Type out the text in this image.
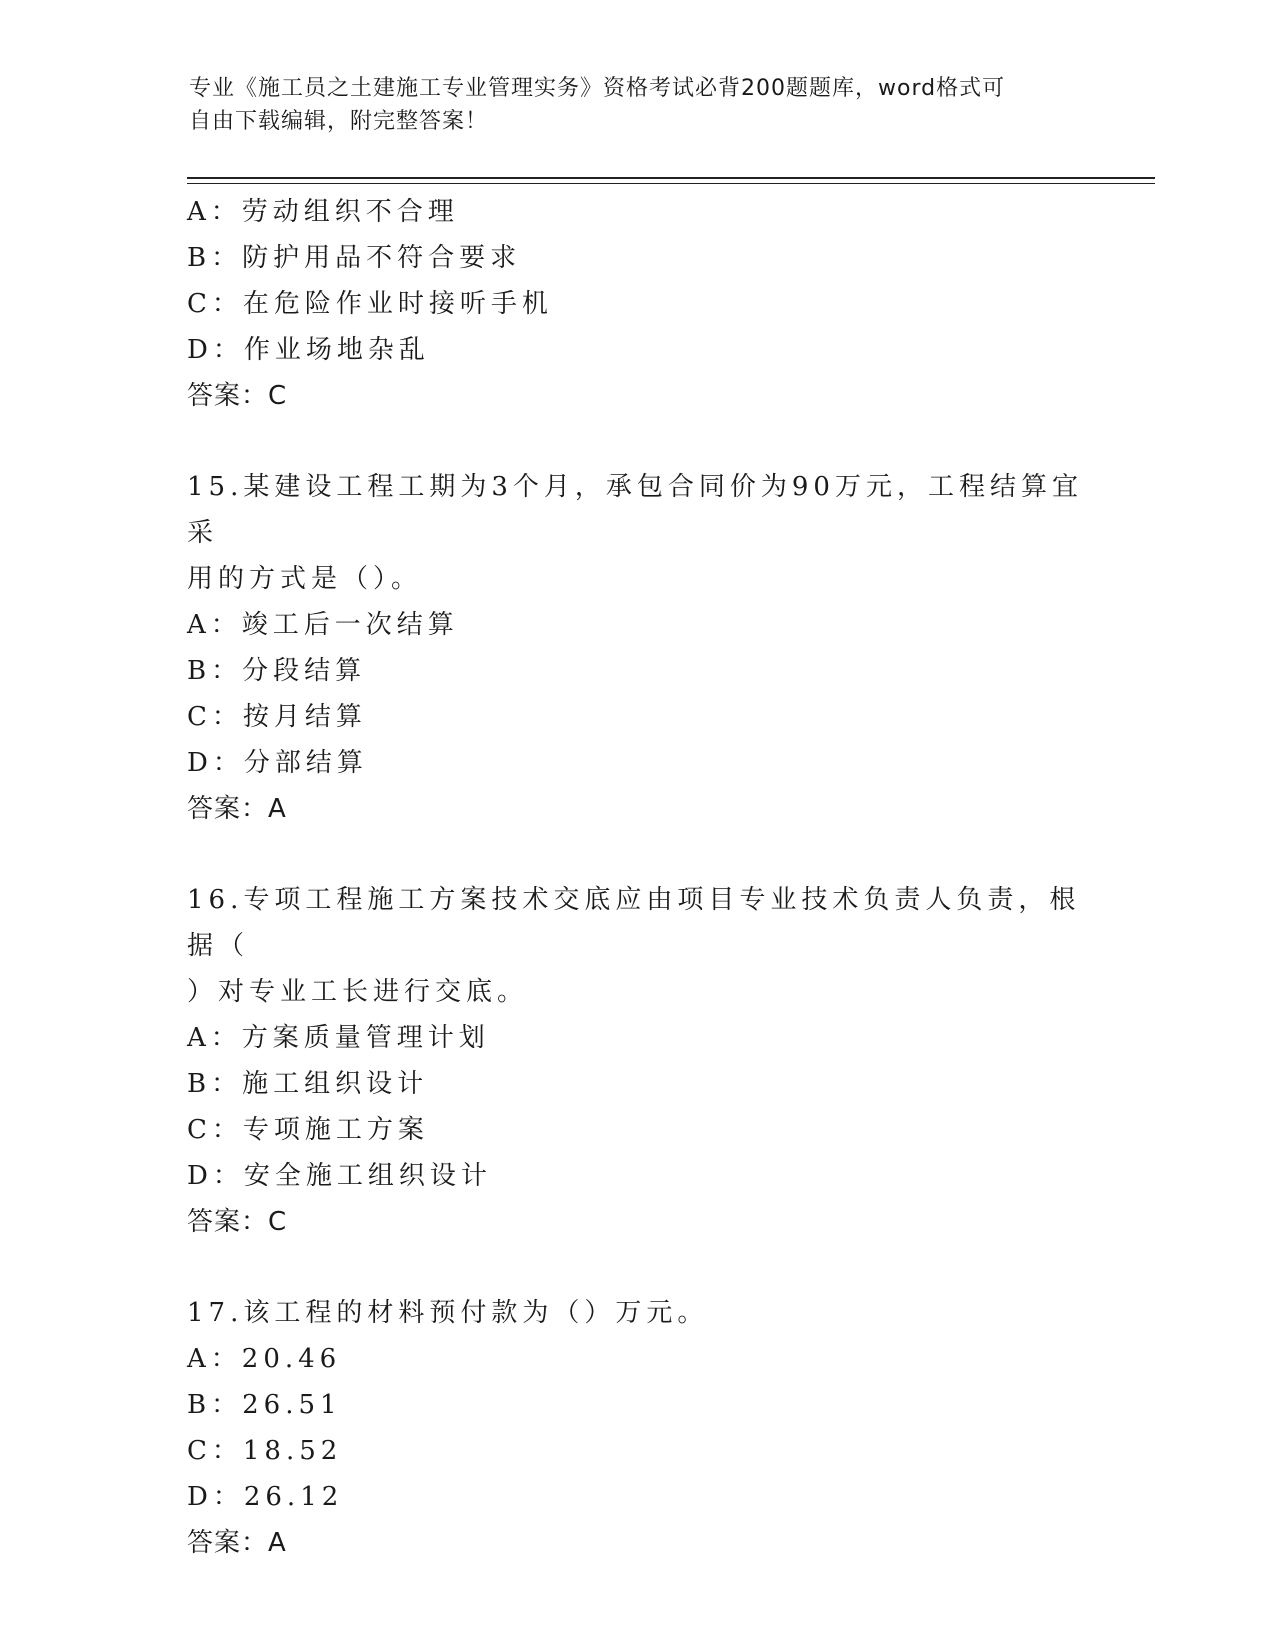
专业《施工员之土建施工专业管理实务》资格考试必背200题题库，word格式可
自由下载编辑，附完整答案！
A：劳动组织不合理
B：防护用品不符合要求
C：在危险作业时接听手机
D：作业场地杂乱
答案：C
15.某建设工程工期为3个月，承包合同价为90万元，工程结算宜采
用的方式是（）。
A：竣工后一次结算
B：分段结算
C：按月结算
D：分部结算
答案：A
16.专项工程施工方案技术交底应由项目专业技术负责人负责，根据（
）对专业工长进行交底。
A：方案质量管理计划
B：施工组织设计
C：专项施工方案
D：安全施工组织设计
答案：C
17.该工程的材料预付款为（）万元。
A：20.46
B：26.51
C：18.52
D：26.12
答案：A
